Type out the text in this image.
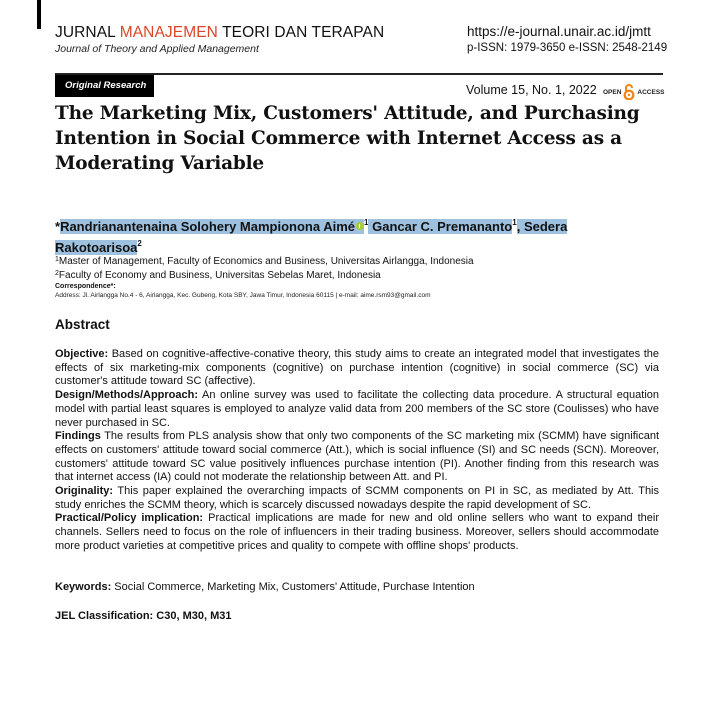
JURNAL MANAJEMEN TEORI DAN TERAPAN
Journal of Theory and Applied Management
https://e-journal.unair.ac.id/jmtt
p-ISSN: 1979-3650 e-ISSN: 2548-2149
Original Research	Volume 15, No. 1, 2022 OPEN ACCESS
The Marketing Mix, Customers' Attitude, and Purchasing Intention in Social Commerce with Internet Access as a Moderating Variable
*Randrianantenaina Solohery Mampionona Aimé $^1$ Gancar C. Premananto$^1$, Sedera
Rakotoarisoa$^2$
$^1$Master of Management, Faculty of Economics and Business, Universitas Airlangga, Indonesia
$^2$Faculty of Economy and Business, Universitas Sebelas Maret, Indonesia
Correspondence*:
Address: Jl. Airlangga No.4 - 6, Airlangga, Kec. Gubeng, Kota SBY, Jawa Timur, Indonesia 60115 | e-mail: aime.rsm93@gmail.com
Abstract

Objective: Based on cognitive-affective-conative theory, this study aims to create an integrated model that investigates the effects of six marketing-mix components (cognitive) on purchase intention (cognitive) in social commerce (SC) via customer's attitude toward SC (affective).

Design/Methods/Approach: An online survey was used to facilitate the collecting data procedure. A structural equation model with partial least squares is employed to analyze valid data from 200 members of the SC store (Coulisses) who have never purchased in SC.

Findings The results from PLS analysis show that only two components of the SC marketing mix (SCMM) have significant effects on customers' attitude toward social commerce (Att.), which is social influence (SI) and SC needs (SCN). Moreover, customers' attitude toward SC value positively influences purchase intention (PI). Another finding from this research was that internet access (IA) could not moderate the relationship between Att. and PI.

Originality: This paper explained the overarching impacts of SCMM components on PI in SC, as mediated by Att. This study enriches the SCMM theory, which is scarcely discussed nowadays despite the rapid development of SC.

Practical/Policy implication: Practical implications are made for new and old online sellers who want to expand their channels. Sellers need to focus on the role of influencers in their trading business. Moreover, sellers should accommodate more product varieties at competitive prices and quality to compete with offline shops' products.

Keywords: Social Commerce, Marketing Mix, Customers' Attitude, Purchase Intention
JEL Classification: C30, M30, M31
